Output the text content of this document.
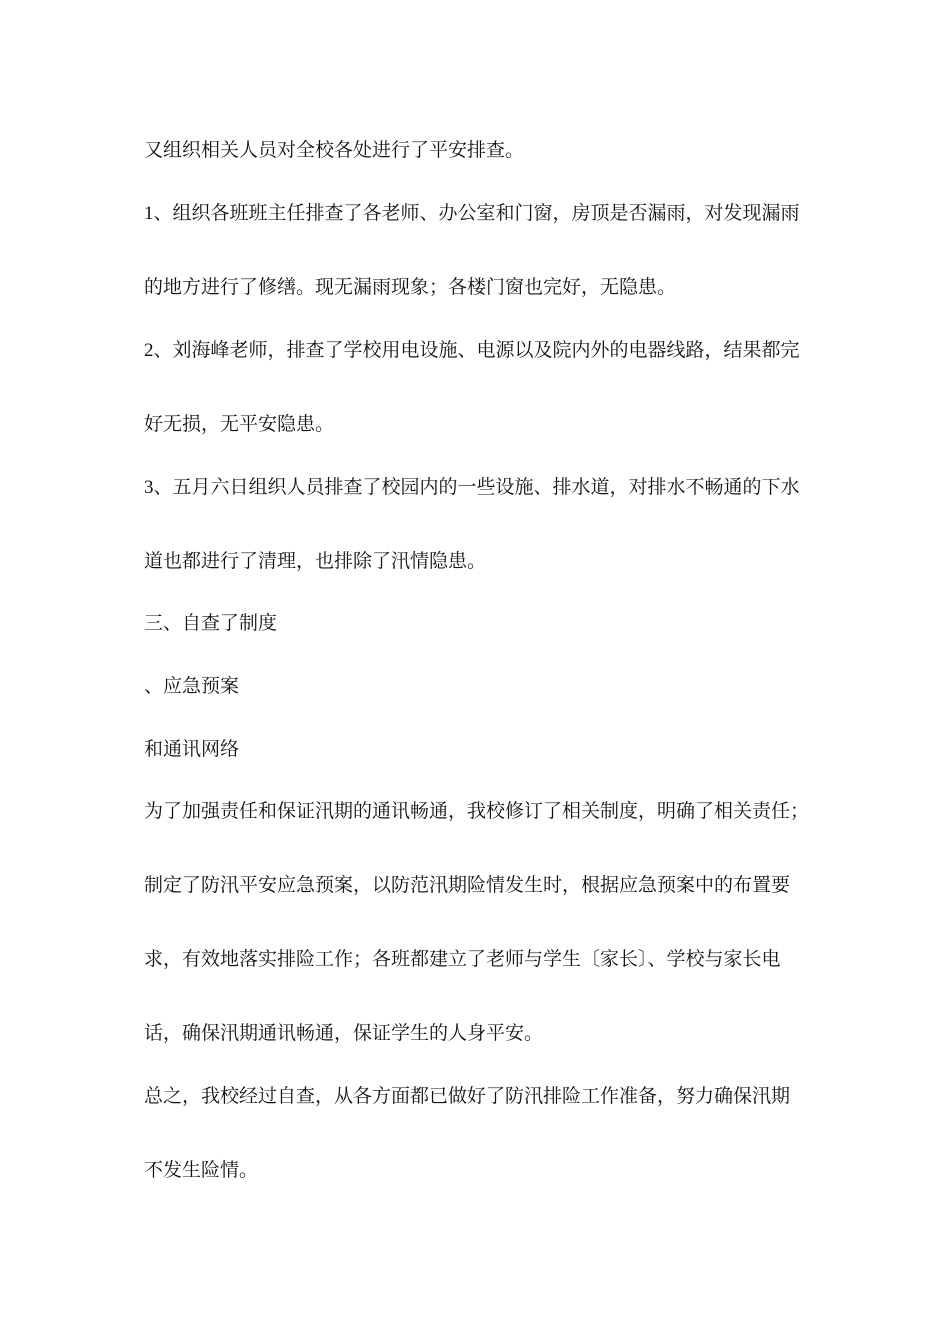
又组织相关人员对全校各处进行了平安排查。
1、组织各班班主任排查了各老师、办公室和门窗，房顶是否漏雨，对发现漏雨
的地方进行了修缮。现无漏雨现象；各楼门窗也完好，无隐患。
2、刘海峰老师，排查了学校用电设施、电源以及院内外的电器线路，结果都完
好无损，无平安隐患。
3、五月六日组织人员排查了校园内的一些设施、排水道，对排水不畅通的下水
道也都进行了清理，也排除了汛情隐患。
三、自查了制度
、应急预案
和通讯网络
为了加强责任和保证汛期的通讯畅通，我校修订了相关制度，明确了相关责任；
制定了防汛平安应急预案，以防范汛期险情发生时，根据应急预案中的布置要
求，有效地落实排险工作；各班都建立了老师与学生〔家长〕、学校与家长电
话，确保汛期通讯畅通，保证学生的人身平安。
总之，我校经过自查，从各方面都已做好了防汛排险工作准备，努力确保汛期
不发生险情。
